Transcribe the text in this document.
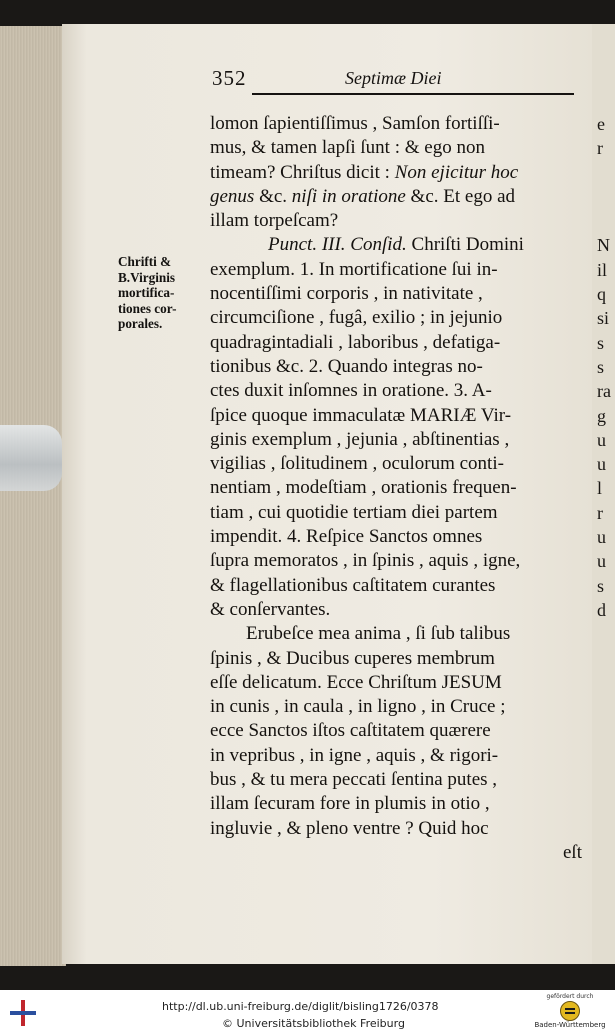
e
r

N
il
q
si
s
s
ra
g
u
u
l
r
u
u
s
d
352	Septimæ Diei
Chrifti &
B.Virginis
mortifica-
tiones cor-
porales.
lomon ſapientiſſimus , Samſon fortiſſi-
mus, & tamen lapſi ſunt : & ego non
timeam? Chriſtus dicit : Non ejicitur hoc
genus &c. niſi in oratione &c. Et ego ad
illam torpeſcam?
Punct. III. Conſid. Chriſti Domini
exemplum. 1. In mortificatione ſui in-
nocentiſſimi corporis , in nativitate ,
circumciſione , fugâ, exilio ; in jejunio
quadragintadiali , laboribus , defatiga-
tionibus &c. 2. Quando integras no-
ctes duxit inſomnes in oratione. 3. A-
ſpice quoque immaculatæ MARIÆ Vir-
ginis exemplum , jejunia , abſtinentias ,
vigilias , ſolitudinem , oculorum conti-
nentiam , modeſtiam , orationis frequen-
tiam , cui quotidie tertiam diei partem
impendit. 4. Reſpice Sanctos omnes
ſupra memoratos , in ſpinis , aquis , igne,
& flagellationibus caſtitatem curantes
& conſervantes.
Erubeſce mea anima , ſi ſub talibus
ſpinis , & Ducibus cuperes membrum
eſſe delicatum. Ecce Chriſtum JESUM
in cunis , in caula , in ligno , in Cruce ;
ecce Sanctos iſtos caſtitatem quærere
in vepribus , in igne , aquis , & rigori-
bus , & tu mera peccati ſentina putes ,
illam ſecuram fore in plumis in otio ,
ingluvie , & pleno ventre ? Quid hoc
eſt
http://dl.ub.uni-freiburg.de/diglit/bisling1726/0378
© Universitätsbibliothek Freiburg
gefördert durch
Baden-Württemberg
